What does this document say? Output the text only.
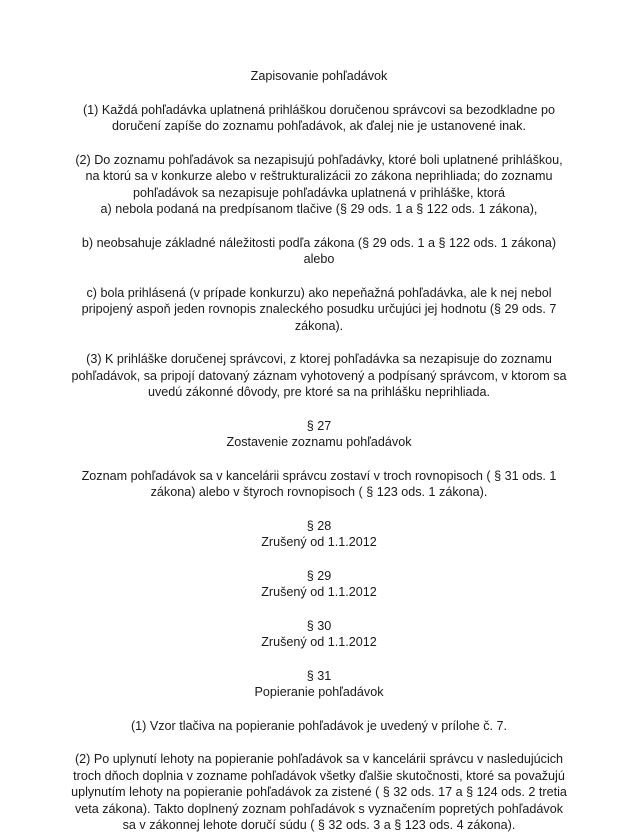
Zapisovanie pohľadávok

(1) Každá pohľadávka uplatnená prihláškou doručenou správcovi sa bezodkladne po doručení zapíše do zoznamu pohľadávok, ak ďalej nie je ustanovené inak.

(2) Do zoznamu pohľadávok sa nezapisujú pohľadávky, ktoré boli uplatnené prihláškou, na ktorú sa v konkurze alebo v reštrukturalizácii zo zákona neprihliada; do zoznamu pohľadávok sa nezapisuje pohľadávka uplatnená v prihláške, ktorá

a) nebola podaná na predpísanom tlačive (§ 29 ods. 1 a § 122 ods. 1 zákona),

b) neobsahuje základné náležitosti podľa zákona (§ 29 ods. 1 a § 122 ods. 1 zákona) alebo

c) bola prihlásená (v prípade konkurzu) ako nepeňažná pohľadávka, ale k nej nebol pripojený aspoň jeden rovnopis znaleckého posudku určujúci jej hodnotu (§ 29 ods. 7 zákona).

(3) K prihláške doručenej správcovi, z ktorej pohľadávka sa nezapisuje do zoznamu pohľadávok, sa pripojí datovaný záznam vyhotovený a podpísaný správcom, v ktorom sa uvedú zákonné dôvody, pre ktoré sa na prihlášku neprihliada.

§ 27

Zostavenie zoznamu pohľadávok

Zoznam pohľadávok sa v kancelárii správcu zostaví v troch rovnopisoch ( § 31 ods. 1 zákona) alebo v štyroch rovnopisoch ( § 123 ods. 1 zákona).

§ 28

Zrušený od 1.1.2012

§ 29

Zrušený od 1.1.2012

§ 30

Zrušený od 1.1.2012

§ 31

Popieranie pohľadávok

(1) Vzor tlačiva na popieranie pohľadávok je uvedený v prílohe č. 7.

(2) Po uplynutí lehoty na popieranie pohľadávok sa v kancelárii správcu v nasledujúcich troch dňoch doplnia v zozname pohľadávok všetky ďalšie skutočnosti, ktoré sa považujú uplynutím lehoty na popieranie pohľadávok za zistené ( § 32 ods. 17 a § 124 ods. 2 tretia veta zákona). Takto doplnený zoznam pohľadávok s vyznačením popretých pohľadávok sa v zákonnej lehote doručí súdu ( § 32 ods. 3 a § 123 ods. 4 zákona).
